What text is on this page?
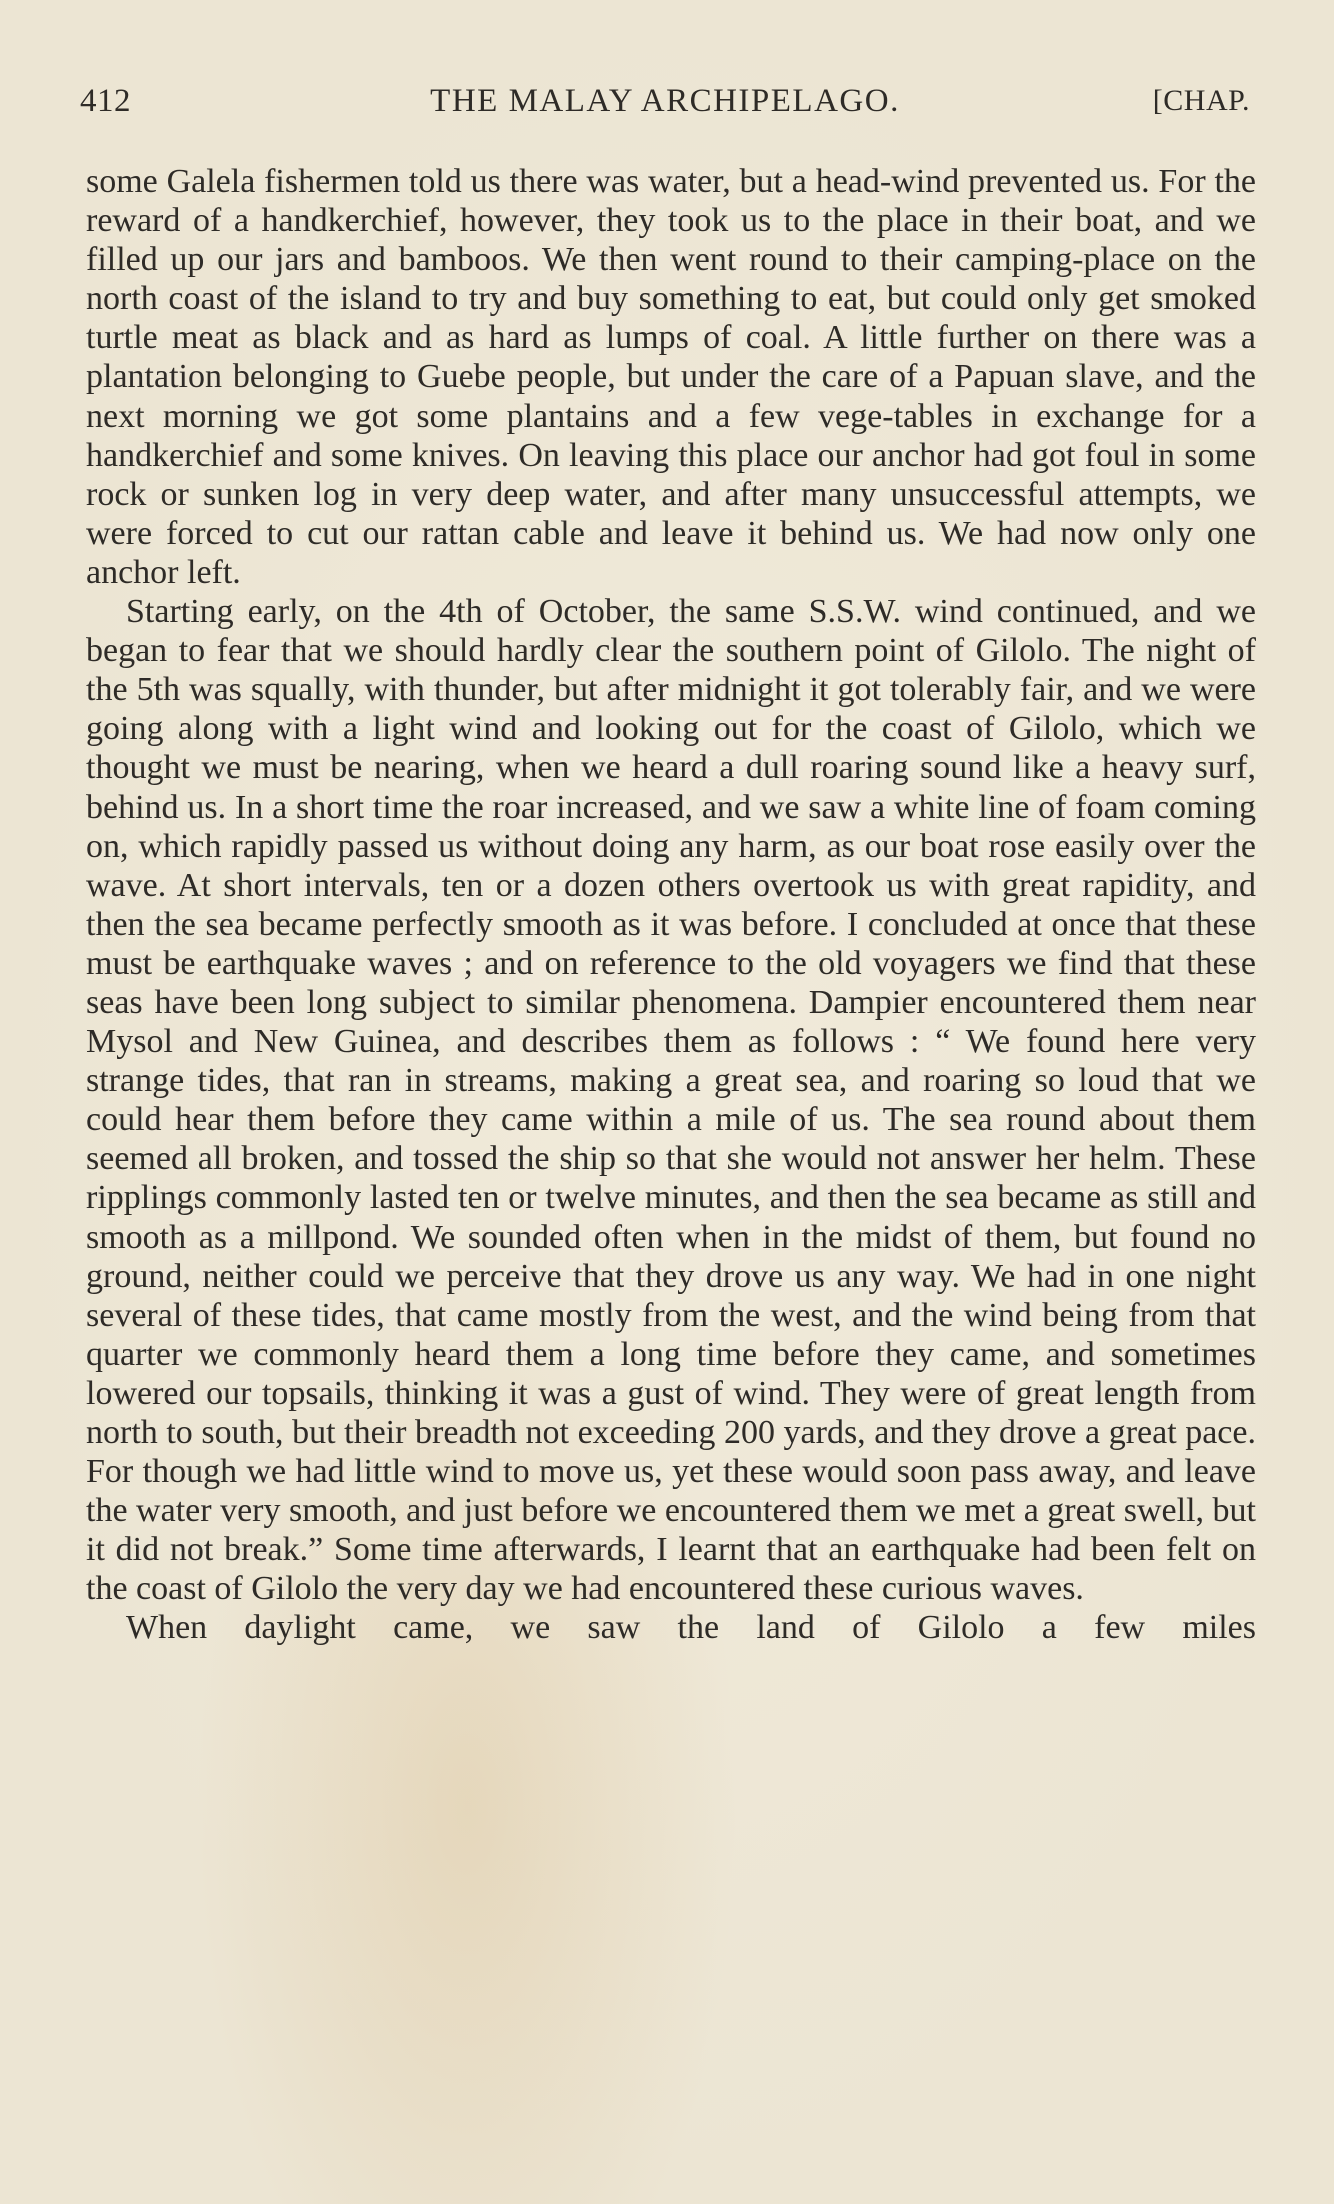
412	THE MALAY ARCHIPELAGO.	[CHAP.

some Galela fishermen told us there was water, but a head-wind prevented us. For the reward of a handkerchief, however, they took us to the place in their boat, and we filled up our jars and bamboos. We then went round to their camping-place on the north coast of the island to try and buy something to eat, but could only get smoked turtle meat as black and as hard as lumps of coal. A little further on there was a plantation belonging to Guebe people, but under the care of a Papuan slave, and the next morning we got some plantains and a few vege-tables in exchange for a handkerchief and some knives. On leaving this place our anchor had got foul in some rock or sunken log in very deep water, and after many unsuccessful attempts, we were forced to cut our rattan cable and leave it behind us. We had now only one anchor left.

Starting early, on the 4th of October, the same S.S.W. wind continued, and we began to fear that we should hardly clear the southern point of Gilolo. The night of the 5th was squally, with thunder, but after midnight it got tolerably fair, and we were going along with a light wind and looking out for the coast of Gilolo, which we thought we must be nearing, when we heard a dull roaring sound like a heavy surf, behind us. In a short time the roar increased, and we saw a white line of foam coming on, which rapidly passed us without doing any harm, as our boat rose easily over the wave. At short intervals, ten or a dozen others overtook us with great rapidity, and then the sea became perfectly smooth as it was before. I concluded at once that these must be earthquake waves ; and on reference to the old voyagers we find that these seas have been long subject to similar phenomena. Dampier encountered them near Mysol and New Guinea, and describes them as follows : “ We found here very strange tides, that ran in streams, making a great sea, and roaring so loud that we could hear them before they came within a mile of us. The sea round about them seemed all broken, and tossed the ship so that she would not answer her helm. These ripplings commonly lasted ten or twelve minutes, and then the sea became as still and smooth as a millpond. We sounded often when in the midst of them, but found no ground, neither could we perceive that they drove us any way. We had in one night several of these tides, that came mostly from the west, and the wind being from that quarter we commonly heard them a long time before they came, and sometimes lowered our topsails, thinking it was a gust of wind. They were of great length from north to south, but their breadth not exceeding 200 yards, and they drove a great pace. For though we had little wind to move us, yet these would soon pass away, and leave the water very smooth, and just before we encountered them we met a great swell, but it did not break.” Some time afterwards, I learnt that an earthquake had been felt on the coast of Gilolo the very day we had encountered these curious waves.

When daylight came, we saw the land of Gilolo a few miles
